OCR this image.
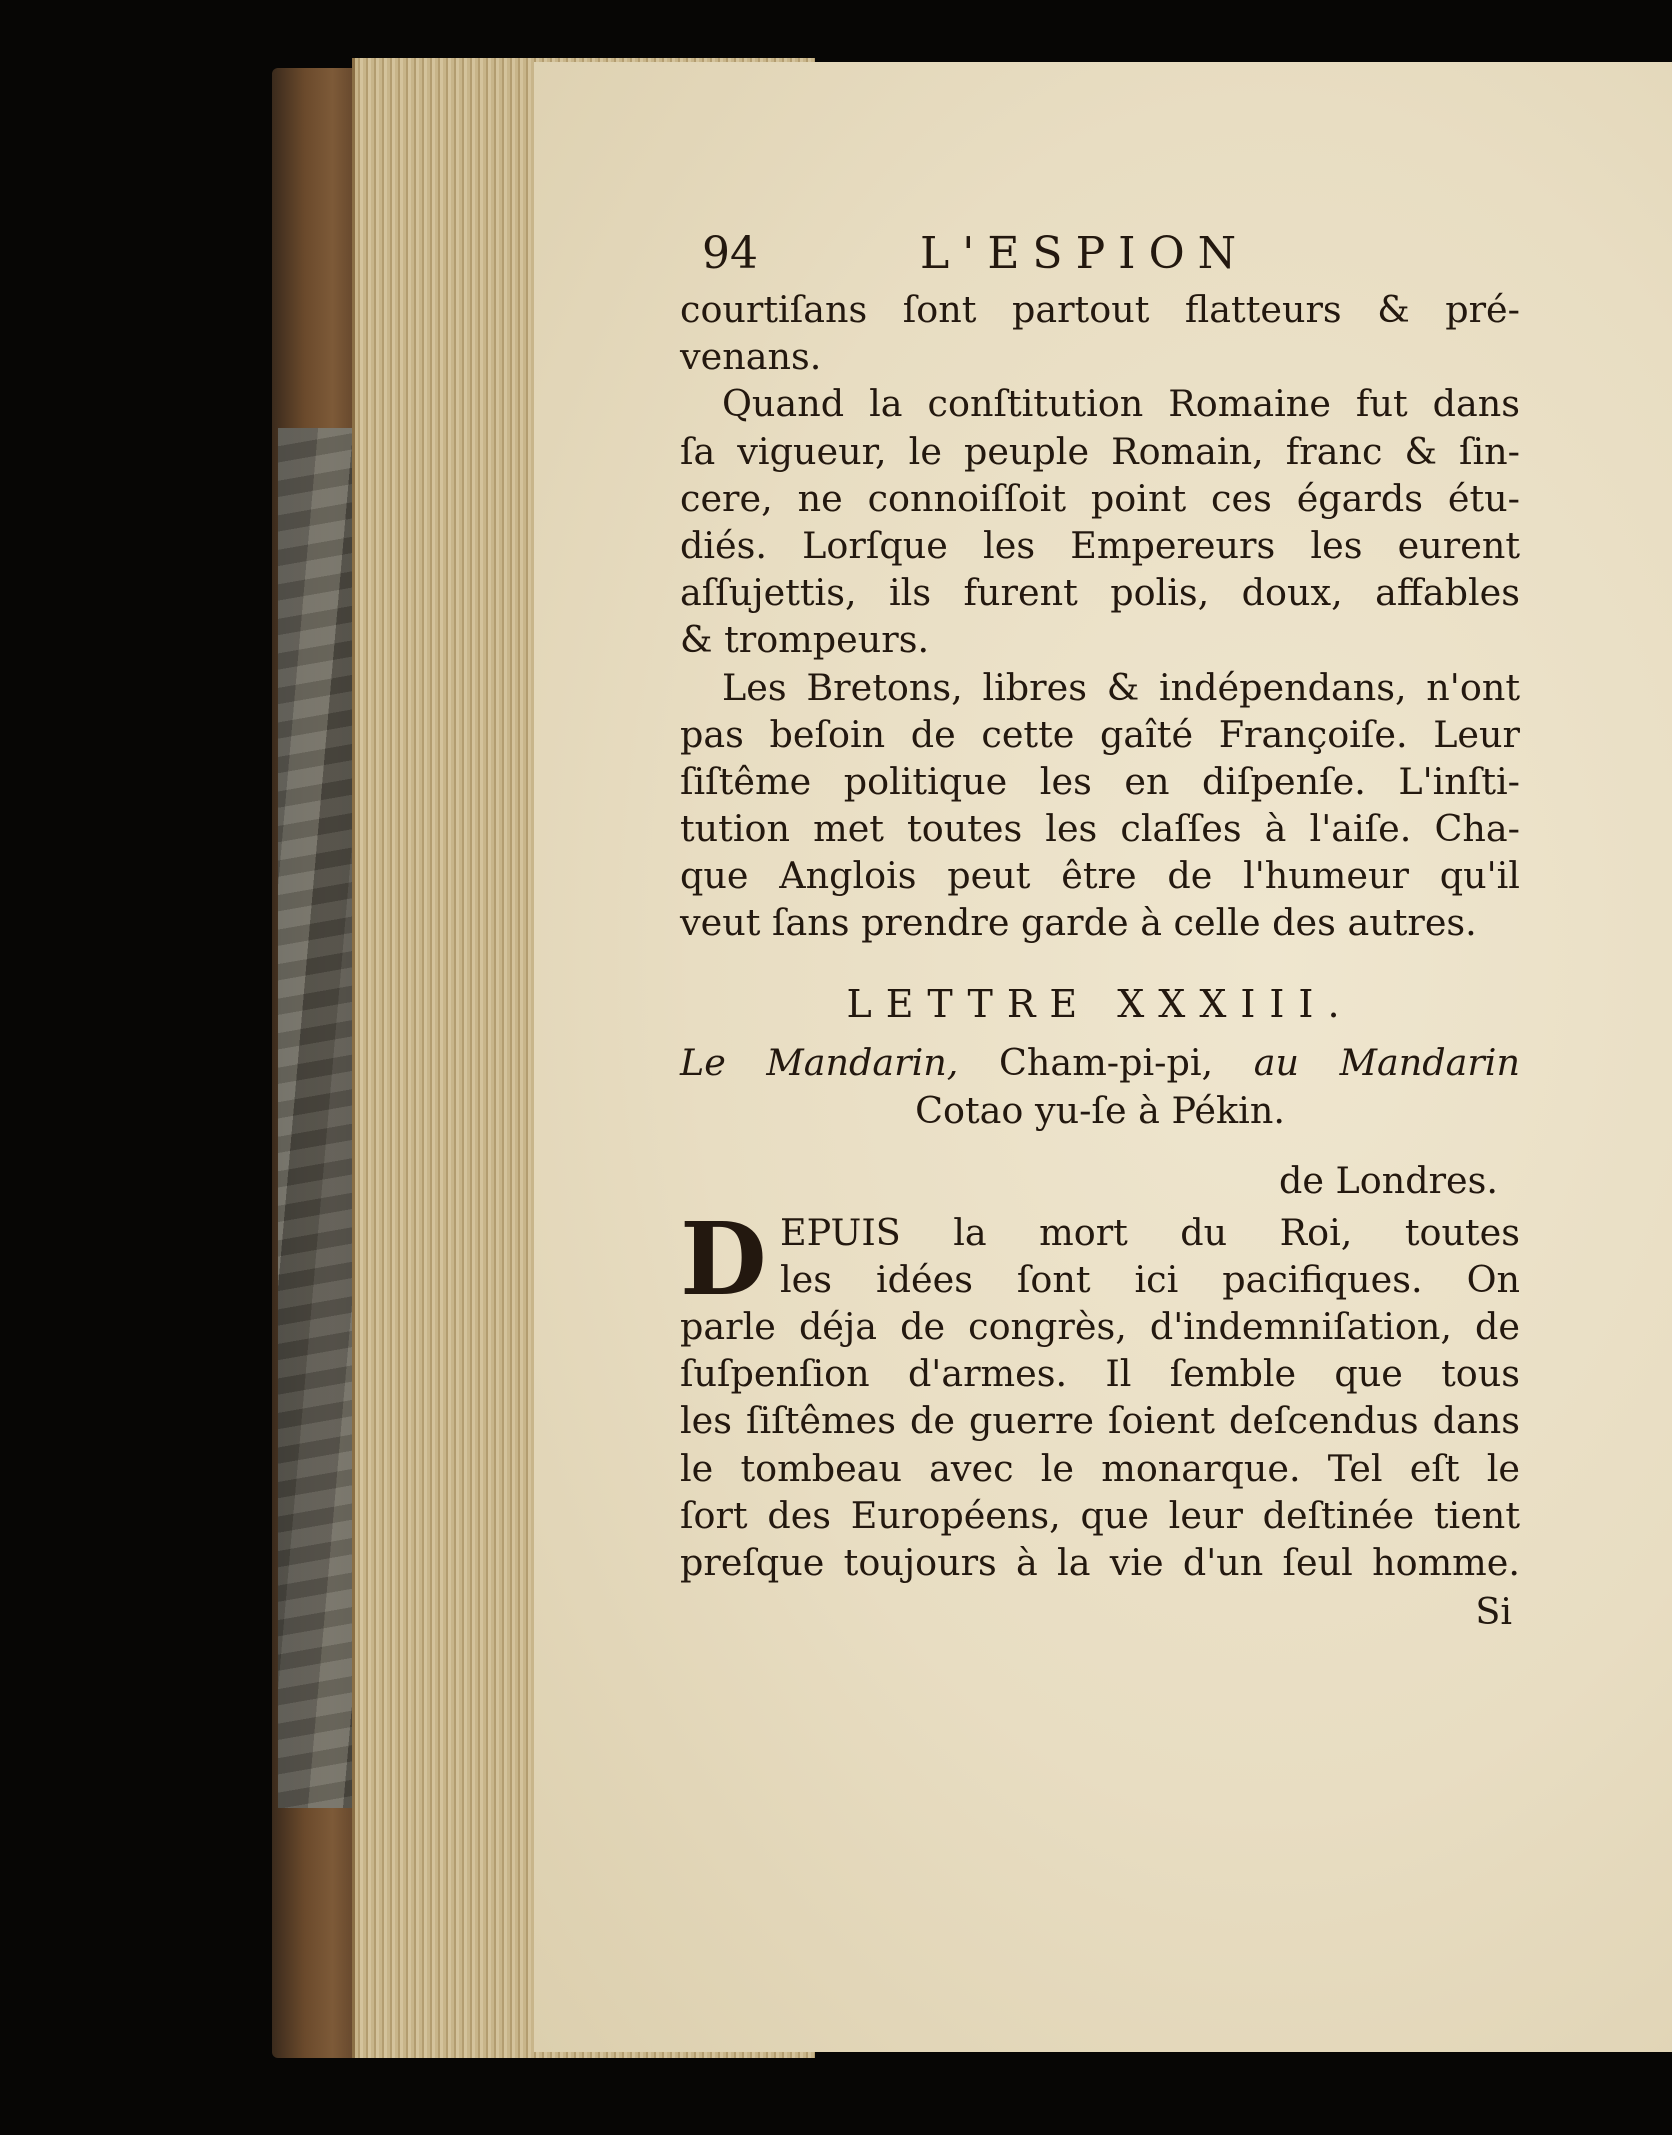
94	L'ESPION
courtiſans ſont partout flatteurs & pré-
venans.
Quand la conſtitution Romaine fut dans
ſa vigueur, le peuple Romain, franc & ſin-
cere, ne connoiſſoit point ces égards étu-
diés. Lorſque les Empereurs les eurent
aſſujettis, ils furent polis, doux, affables
& trompeurs.
Les Bretons, libres & indépendans, n'ont
pas beſoin de cette gaîté Françoiſe. Leur
ſiſtême politique les en diſpenſe. L'inſti-
tution met toutes les claſſes à l'aiſe. Cha-
que Anglois peut être de l'humeur qu'il
veut ſans prendre garde à celle des autres.
LETTRE XXXIII.
Le Mandarin, Cham-pi-pi, au Mandarin
Cotao yu-ſe à Pékin.
de Londres.
D EPUIS la mort du Roi, toutes
les idées ſont ici pacifiques. On
parle déja de congrès, d'indemniſation, de
ſuſpenſion d'armes. Il ſemble que tous
les ſiſtêmes de guerre ſoient deſcendus dans
le tombeau avec le monarque. Tel eſt le
ſort des Européens, que leur deſtinée tient
preſque toujours à la vie d'un ſeul homme.
Si
